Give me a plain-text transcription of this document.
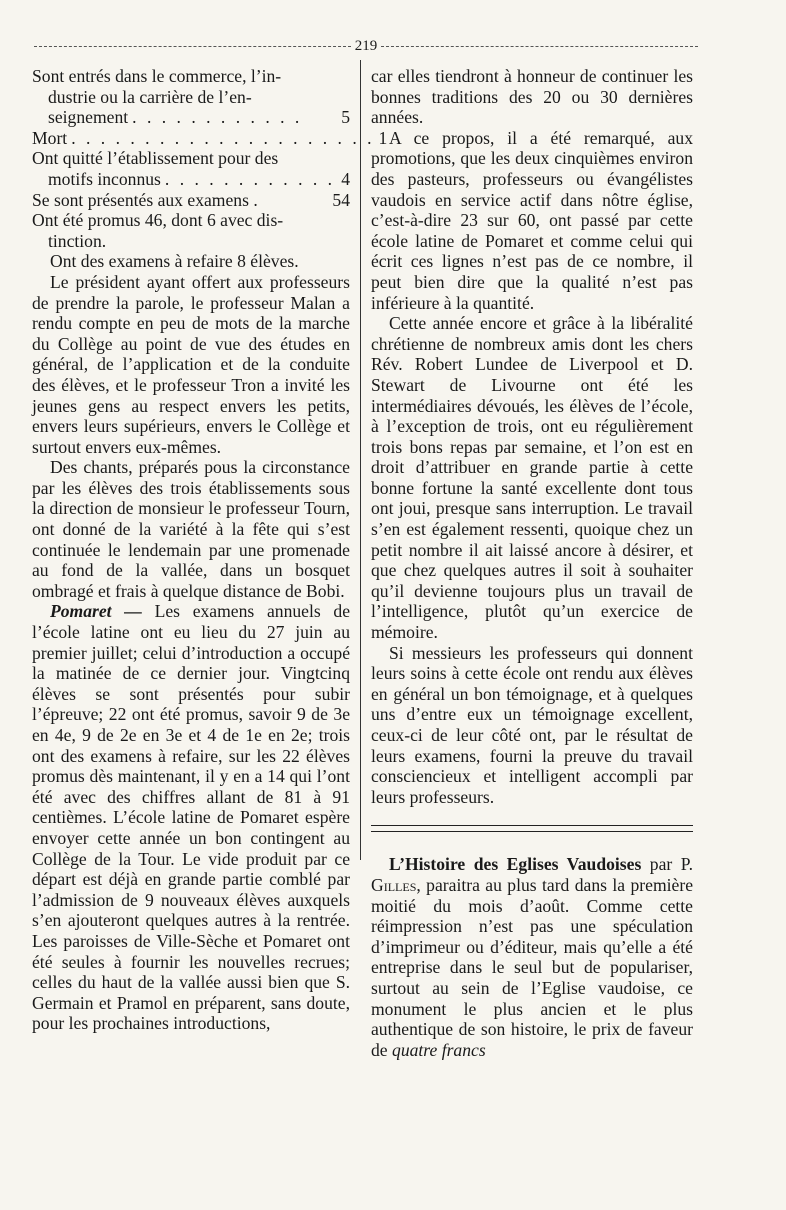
219

Sont entrés dans le commerce, l’in-

dustrie ou la carrière de l’en-

seignement . . . . . . . . . . . .	5
Mort . . . . . . . . . . . . . . . . . . . . . 1

Ont quitté l’établissement pour des

motifs inconnus . . . . . . . . . . . . 4
Se sont présentés aux examens .	54

Ont été promus 46, dont 6 avec dis-

tinction.

Ont des examens à refaire 8 élèves.

Le président ayant offert aux professeurs de prendre la parole, le professeur Malan a rendu compte en peu de mots de la marche du Collège au point de vue des études en général, de l’application et de la conduite des élèves, et le professeur Tron a invité les jeunes gens au respect envers les petits, envers leurs supérieurs, envers le Collège et surtout envers eux-mêmes.

Des chants, préparés pous la circonstance par les élèves des trois établissements sous la direction de monsieur le professeur Tourn, ont donné de la variété à la fête qui s’est continuée le lendemain par une promenade au fond de la vallée, dans un bosquet ombragé et frais à quelque distance de Bobi.

Pomaret — Les examens annuels de l’école latine ont eu lieu du 27 juin au premier juillet; celui d’introduction a occupé la matinée de ce dernier jour. Vingtcinq élèves se sont présentés pour subir l’épreuve; 22 ont été promus, savoir 9 de 3e en 4e, 9 de 2e en 3e et 4 de 1e en 2e; trois ont des examens à refaire, sur les 22 élèves promus dès maintenant, il y en a 14 qui l’ont été avec des chiffres allant de 81 à 91 centièmes. L’école latine de Pomaret espère envoyer cette année un bon contingent au Collège de la Tour. Le vide produit par ce départ est déjà en grande partie comblé par l’admission de 9 nouveaux élèves auxquels s’en ajouteront quelques autres à la rentrée. Les paroisses de Ville-Sèche et Pomaret ont été seules à fournir les nouvelles recrues; celles du haut de la vallée aussi bien que S. Germain et Pramol en préparent, sans doute, pour les prochaines introductions,

car elles tiendront à honneur de continuer les bonnes traditions des 20 ou 30 dernières années.

A ce propos, il a été remarqué, aux promotions, que les deux cinquièmes environ des pasteurs, professeurs ou évangélistes vaudois en service actif dans nôtre église, c’est-à-dire 23 sur 60, ont passé par cette école latine de Pomaret et comme celui qui écrit ces lignes n’est pas de ce nombre, il peut bien dire que la qualité n’est pas inférieure à la quantité.

Cette année encore et grâce à la libéralité chrétienne de nombreux amis dont les chers Rév. Robert Lundee de Liverpool et D. Stewart de Livourne ont été les intermédiaires dévoués, les élèves de l’école, à l’exception de trois, ont eu régulièrement trois bons repas par semaine, et l’on est en droit d’attribuer en grande partie à cette bonne fortune la santé excellente dont tous ont joui, presque sans interruption. Le travail s’en est également ressenti, quoique chez un petit nombre il ait laissé ancore à désirer, et que chez quelques autres il soit à souhaiter qu’il devienne toujours plus un travail de l’intelligence, plutôt qu’un exercice de mémoire.

Si messieurs les professeurs qui donnent leurs soins à cette école ont rendu aux élèves en général un bon témoignage, et à quelques uns d’entre eux un témoignage excellent, ceux-ci de leur côté ont, par le résultat de leurs examens, fourni la preuve du travail consciencieux et intelligent accompli par leurs professeurs.

L’Histoire des Eglises Vaudoises par P. Gilles, paraitra au plus tard dans la première moitié du mois d’août. Comme cette réimpression n’est pas une spéculation d’imprimeur ou d’éditeur, mais qu’elle a été entreprise dans le seul but de populariser, surtout au sein de l’Eglise vaudoise, ce monument le plus ancien et le plus authentique de son histoire, le prix de faveur de quatre francs
